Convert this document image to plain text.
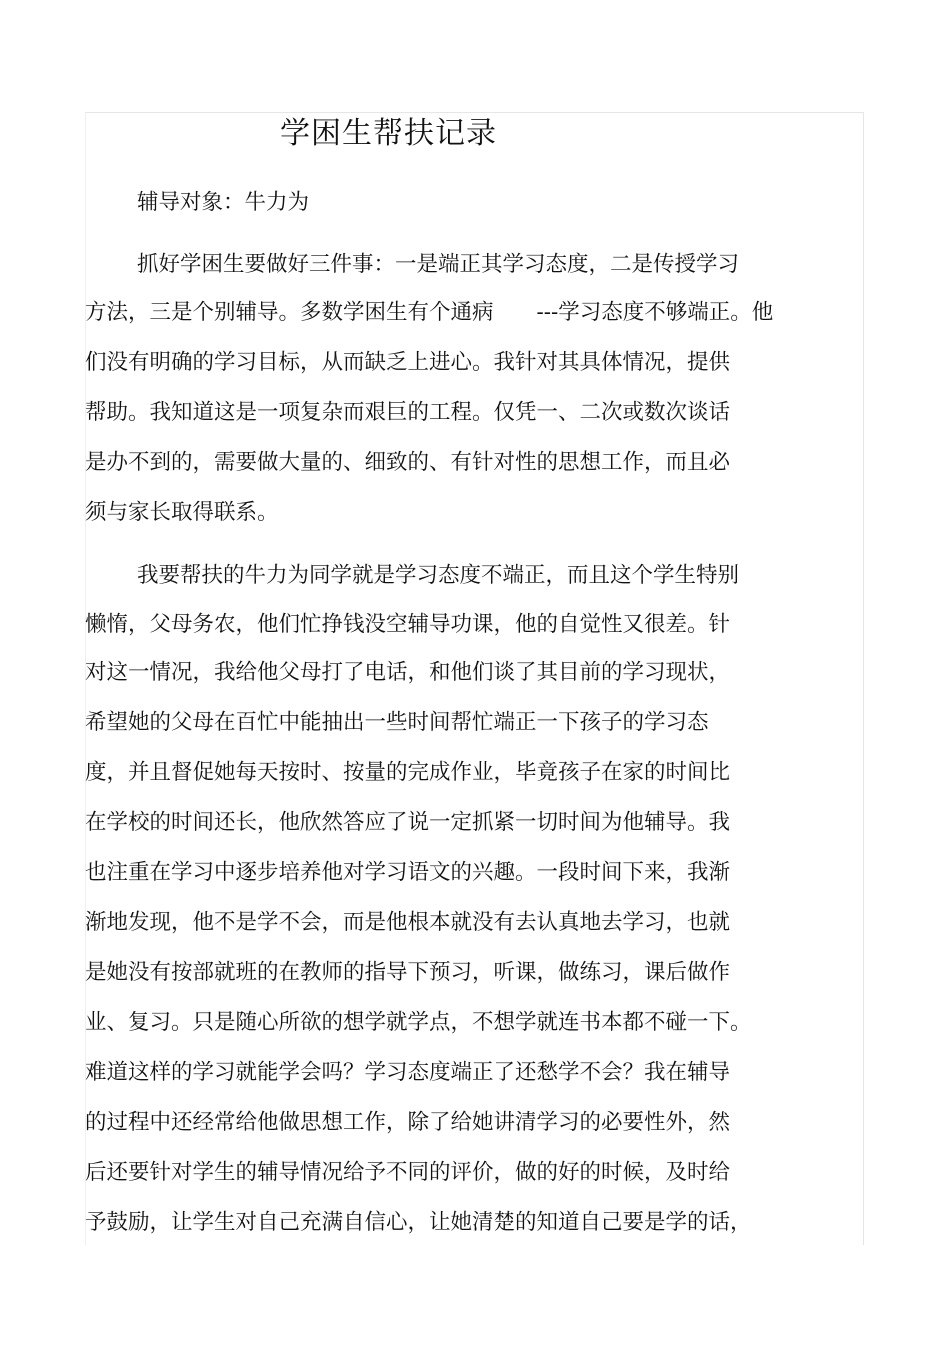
学困生帮扶记录
辅导对象：牛力为
抓好学困生要做好三件事：一是端正其学习态度，二是传授学习
方法，三是个别辅导。多数学困生有个通病　　---学习态度不够端正。他
们没有明确的学习目标，从而缺乏上进心。我针对其具体情况，提供
帮助。我知道这是一项复杂而艰巨的工程。仅凭一、二次或数次谈话
是办不到的，需要做大量的、细致的、有针对性的思想工作，而且必
须与家长取得联系。
我要帮扶的牛力为同学就是学习态度不端正，而且这个学生特别
懒惰，父母务农，他们忙挣钱没空辅导功课，他的自觉性又很差。针
对这一情况，我给他父母打了电话，和他们谈了其目前的学习现状，
希望她的父母在百忙中能抽出一些时间帮忙端正一下孩子的学习态
度，并且督促她每天按时、按量的完成作业，毕竟孩子在家的时间比
在学校的时间还长，他欣然答应了说一定抓紧一切时间为他辅导。我
也注重在学习中逐步培养他对学习语文的兴趣。一段时间下来，我渐
渐地发现，他不是学不会，而是他根本就没有去认真地去学习，也就
是她没有按部就班的在教师的指导下预习，听课，做练习，课后做作
业、复习。只是随心所欲的想学就学点，不想学就连书本都不碰一下。
难道这样的学习就能学会吗？学习态度端正了还愁学不会？我在辅导
的过程中还经常给他做思想工作，除了给她讲清学习的必要性外，然
后还要针对学生的辅导情况给予不同的评价，做的好的时候，及时给
予鼓励，让学生对自己充满自信心，让她清楚的知道自己要是学的话，
